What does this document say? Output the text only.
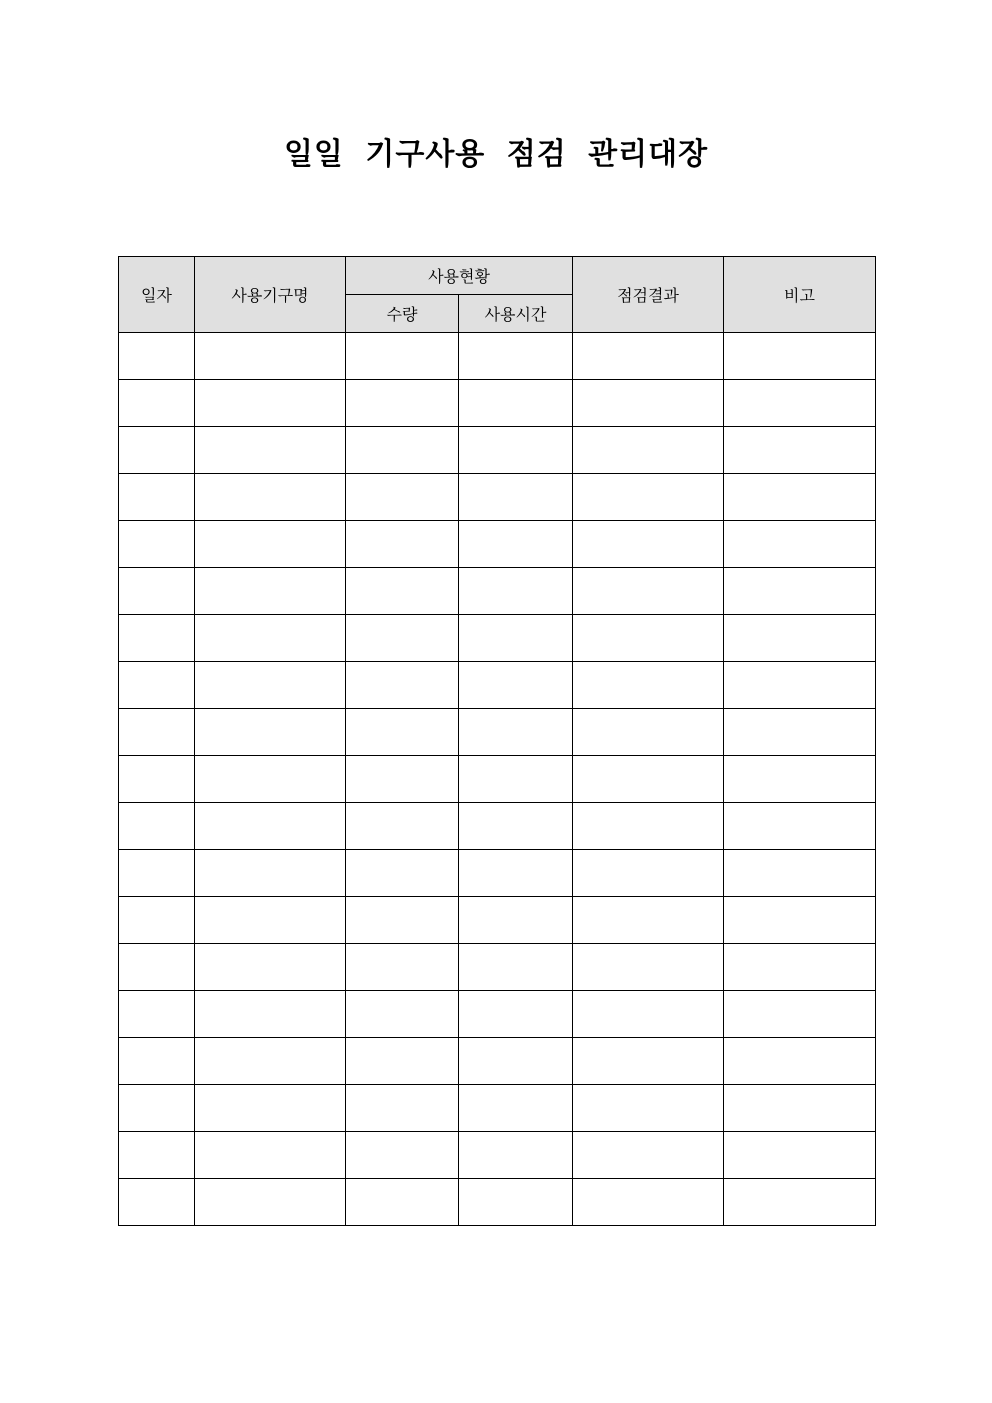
일일 기구사용 점검 관리대장
일자	사용기구명	사용현황		점검결과	비고
		수량	사용시간		
